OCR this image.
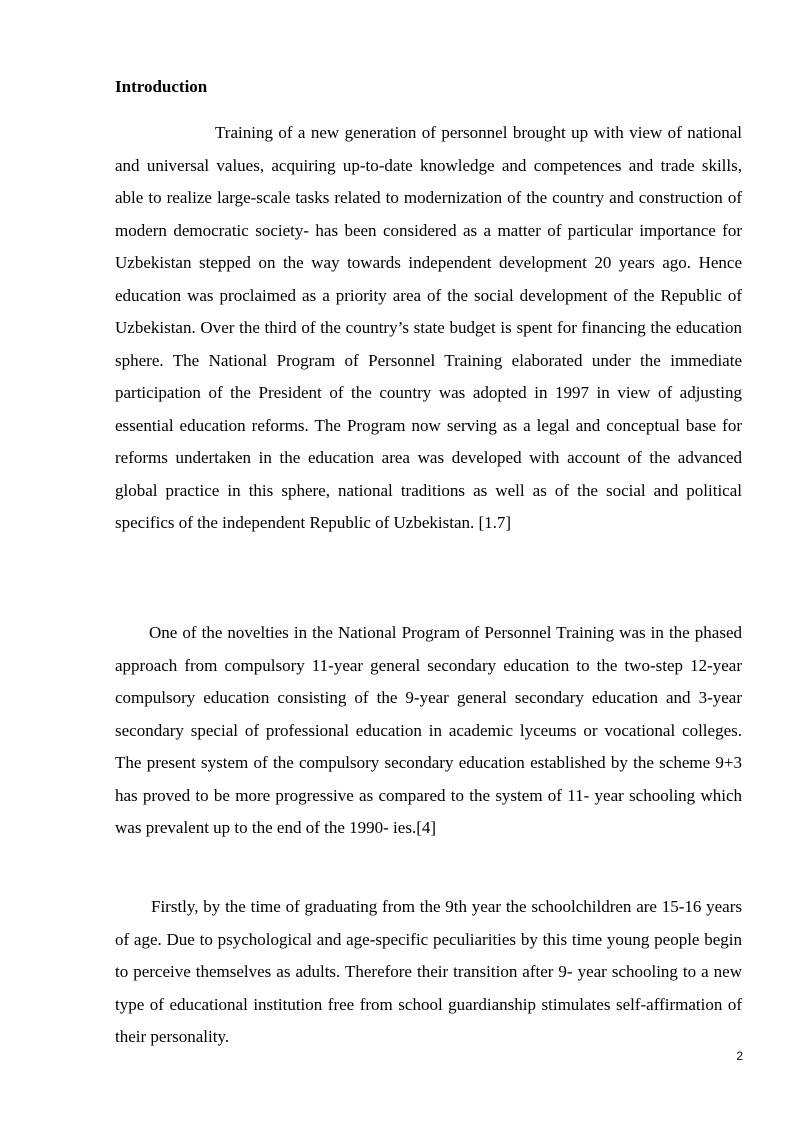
Introduction

Training of a new generation of personnel brought up with view of national and universal values, acquiring up-to-date knowledge and competences and trade skills, able to realize large-scale tasks related to modernization of the country and construction of modern democratic society- has been considered as a matter of particular importance for Uzbekistan stepped on the way towards independent development 20 years ago. Hence education was proclaimed as a priority area of the social development of the Republic of Uzbekistan. Over the third of the country’s state budget is spent for financing the education sphere. The National Program of Personnel Training elaborated under the immediate participation of the President of the country was adopted in 1997 in view of adjusting essential education reforms. The Program now serving as a legal and conceptual base for reforms undertaken in the education area was developed with account of the advanced global practice in this sphere, national traditions as well as of the social and political specifics of the independent Republic of Uzbekistan. [1.7]

One of the novelties in the National Program of Personnel Training was in the phased approach from compulsory 11-year general secondary education to the two-step 12-year compulsory education consisting of the 9-year general secondary education and 3-year secondary special of professional education in academic lyceums or vocational colleges. The present system of the compulsory secondary education established by the scheme 9+3 has proved to be more progressive as compared to the system of 11- year schooling which was prevalent up to the end of the 1990- ies.[4]

Firstly, by the time of graduating from the 9th year the schoolchildren are 15-16 years of age. Due to psychological and age-specific peculiarities by this time young people begin to perceive themselves as adults. Therefore their transition after 9- year schooling to a new type of educational institution free from school guardianship stimulates self-affirmation of their personality.

2
